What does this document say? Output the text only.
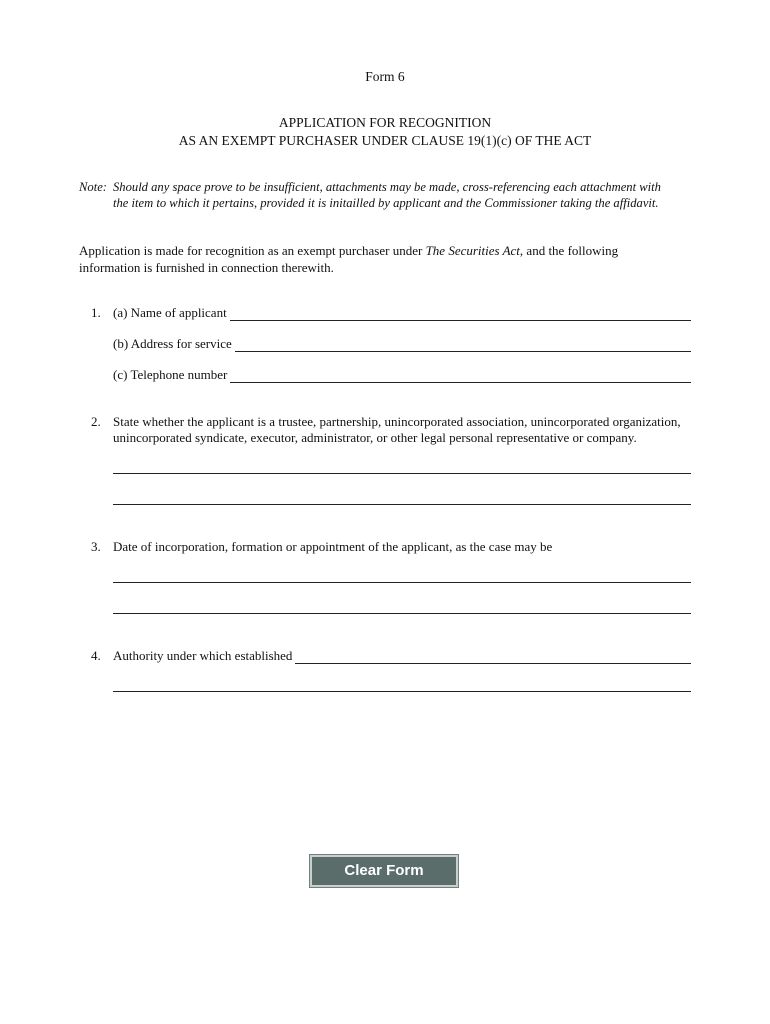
Form 6
APPLICATION FOR RECOGNITION
AS AN EXEMPT PURCHASER UNDER CLAUSE 19(1)(c) OF THE ACT
Note: Should any space prove to be insufficient, attachments may be made, cross-referencing each attachment with
the item to which it pertains, provided it is initailled by applicant and the Commissioner taking the affidavit.
Application is made for recognition as an exempt purchaser under The Securities Act, and the following
information is furnished in connection therewith.
1. (a) Name of applicant
(b) Address for service
(c) Telephone number
2. State whether the applicant is a trustee, partnership, unincorporated association, unincorporated organization,
unincorporated syndicate, executor, administrator, or other legal personal representative or company.
3. Date of incorporation, formation or appointment of the applicant, as the case may be
4. Authority under which established
Clear Form
